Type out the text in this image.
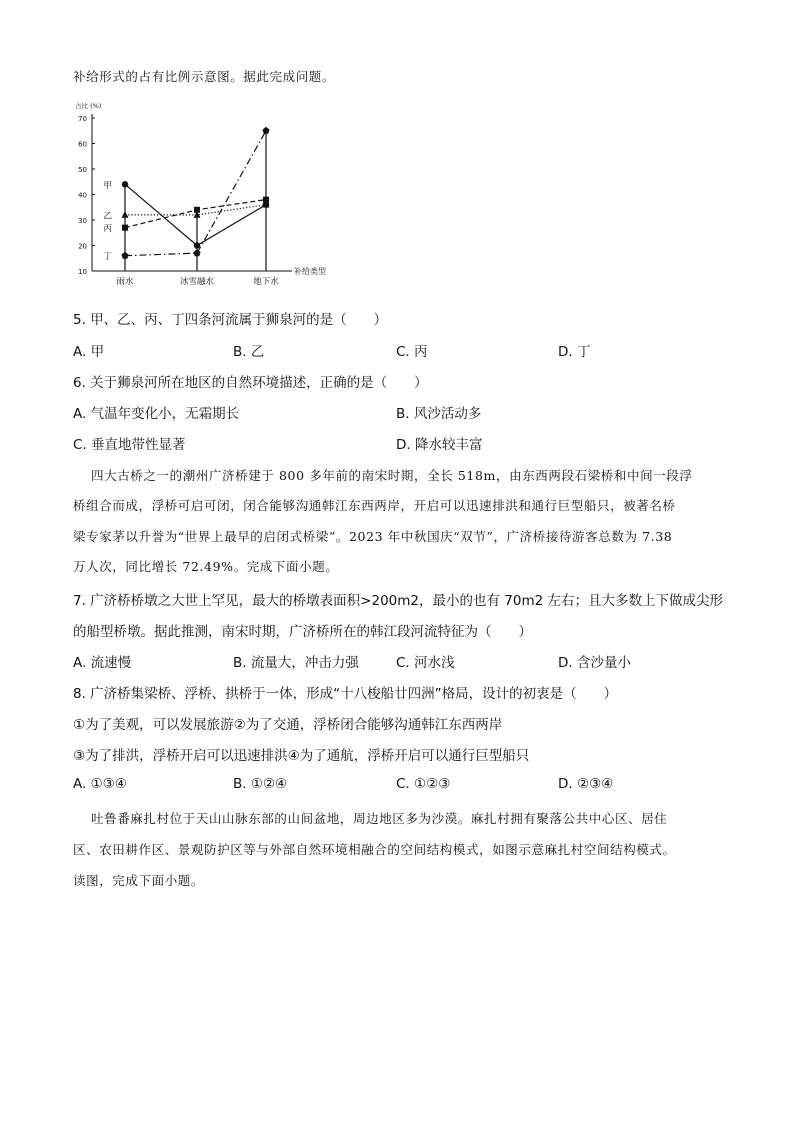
补给形式的占有比例示意图。据此完成问题。
10
20
30
40
50
60
70
占比 (%)
补给类型
雨水	冰雪融水	地下水
甲
乙
丙
丁
5. 甲、乙、丙、丁四条河流属于狮泉河的是（　　）
A. 甲	B. 乙	C. 丙	D. 丁
6. 关于狮泉河所在地区的自然环境描述，正确的是（　　）
A. 气温年变化小，无霜期长	B. 风沙活动多
C. 垂直地带性显著	D. 降水较丰富
四大古桥之一的潮州广济桥建于 800 多年前的南宋时期，全长 518m，由东西两段石梁桥和中间一段浮
桥组合而成，浮桥可启可闭，闭合能够沟通韩江东西两岸，开启可以迅速排洪和通行巨型船只，被著名桥
梁专家茅以升誉为“世界上最早的启闭式桥梁”。2023 年中秋国庆“双节”，广济桥接待游客总数为 7.38
万人次，同比增长 72.49%。完成下面小题。
7. 广济桥桥墩之大世上罕见，最大的桥墩表面积>200m2，最小的也有 70m2 左右；且大多数上下做成尖形
的船型桥墩。据此推测，南宋时期，广济桥所在的韩江段河流特征为（　　）
A. 流速慢	B. 流量大，冲击力强	C. 河水浅	D. 含沙量小
8. 广济桥集梁桥、浮桥、拱桥于一体，形成“十八梭船廿四洲”格局，设计的初衷是（　　）
①为了美观，可以发展旅游②为了交通，浮桥闭合能够沟通韩江东西两岸
③为了排洪，浮桥开启可以迅速排洪④为了通航，浮桥开启可以通行巨型船只
A. ①③④	B. ①②④	C. ①②③	D. ②③④
吐鲁番麻扎村位于天山山脉东部的山间盆地，周边地区多为沙漠。麻扎村拥有聚落公共中心区、居住
区、农田耕作区、景观防护区等与外部自然环境相融合的空间结构模式，如图示意麻扎村空间结构模式。
读图，完成下面小题。
